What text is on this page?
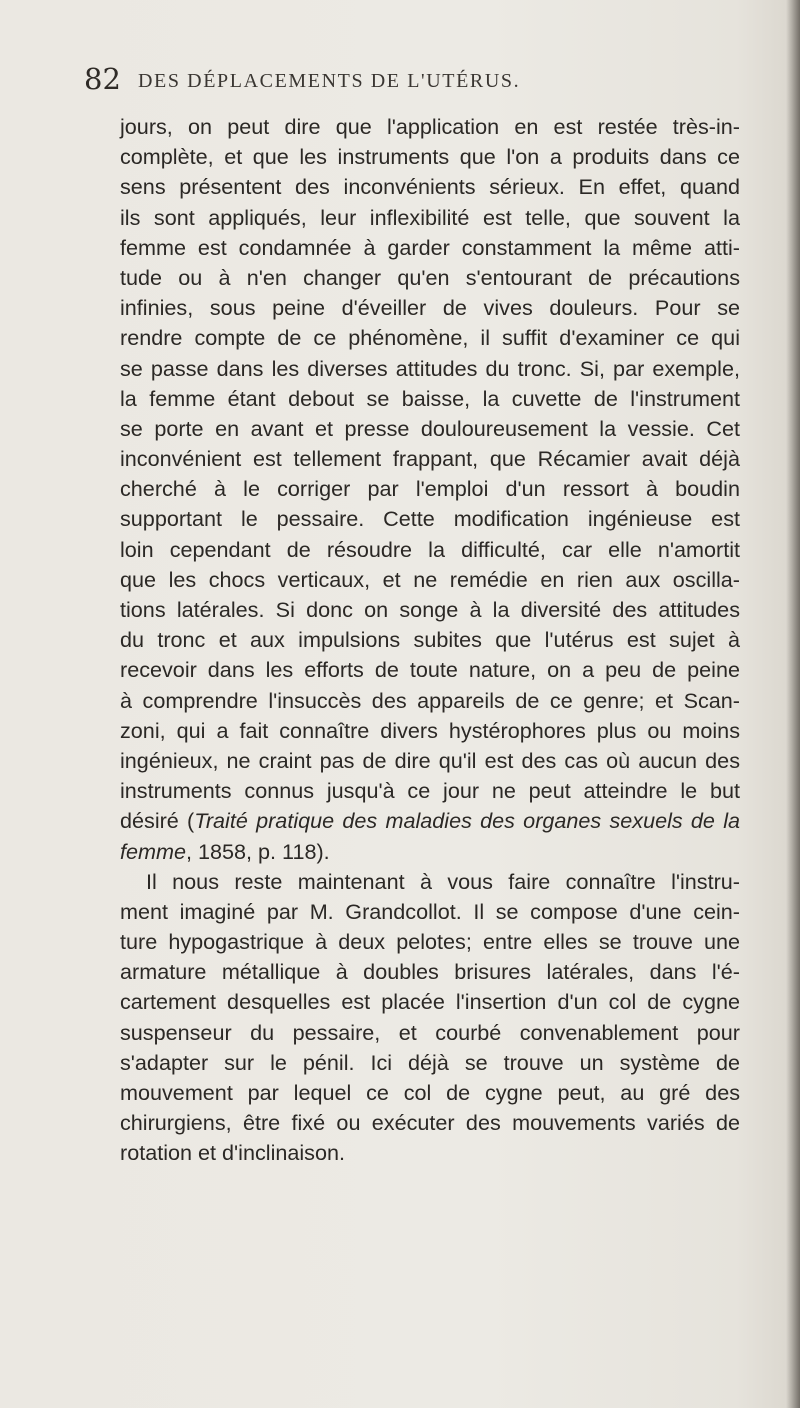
82 DES DÉPLACEMENTS DE L'UTÉRUS.
jours, on peut dire que l'application en est restée très-in-
complète, et que les instruments que l'on a produits dans ce
sens présentent des inconvénients sérieux. En effet, quand
ils sont appliqués, leur inflexibilité est telle, que souvent la
femme est condamnée à garder constamment la même atti-
tude ou à n'en changer qu'en s'entourant de précautions
infinies, sous peine d'éveiller de vives douleurs. Pour se
rendre compte de ce phénomène, il suffit d'examiner ce qui
se passe dans les diverses attitudes du tronc. Si, par exemple,
la femme étant debout se baisse, la cuvette de l'instrument
se porte en avant et presse douloureusement la vessie. Cet
inconvénient est tellement frappant, que Récamier avait déjà
cherché à le corriger par l'emploi d'un ressort à boudin
supportant le pessaire. Cette modification ingénieuse est
loin cependant de résoudre la difficulté, car elle n'amortit
que les chocs verticaux, et ne remédie en rien aux oscilla-
tions latérales. Si donc on songe à la diversité des attitudes
du tronc et aux impulsions subites que l'utérus est sujet à
recevoir dans les efforts de toute nature, on a peu de peine
à comprendre l'insuccès des appareils de ce genre; et Scan-
zoni, qui a fait connaître divers hystérophores plus ou moins
ingénieux, ne craint pas de dire qu'il est des cas où aucun des
instruments connus jusqu'à ce jour ne peut atteindre le but
désiré (Traité pratique des maladies des organes sexuels de la
femme, 1858, p. 118).
Il nous reste maintenant à vous faire connaître l'instru-
ment imaginé par M. Grandcollot. Il se compose d'une cein-
ture hypogastrique à deux pelotes; entre elles se trouve une
armature métallique à doubles brisures latérales, dans l'é-
cartement desquelles est placée l'insertion d'un col de cygne
suspenseur du pessaire, et courbé convenablement pour
s'adapter sur le pénil. Ici déjà se trouve un système de
mouvement par lequel ce col de cygne peut, au gré des
chirurgiens, être fixé ou exécuter des mouvements variés de
rotation et d'inclinaison.
